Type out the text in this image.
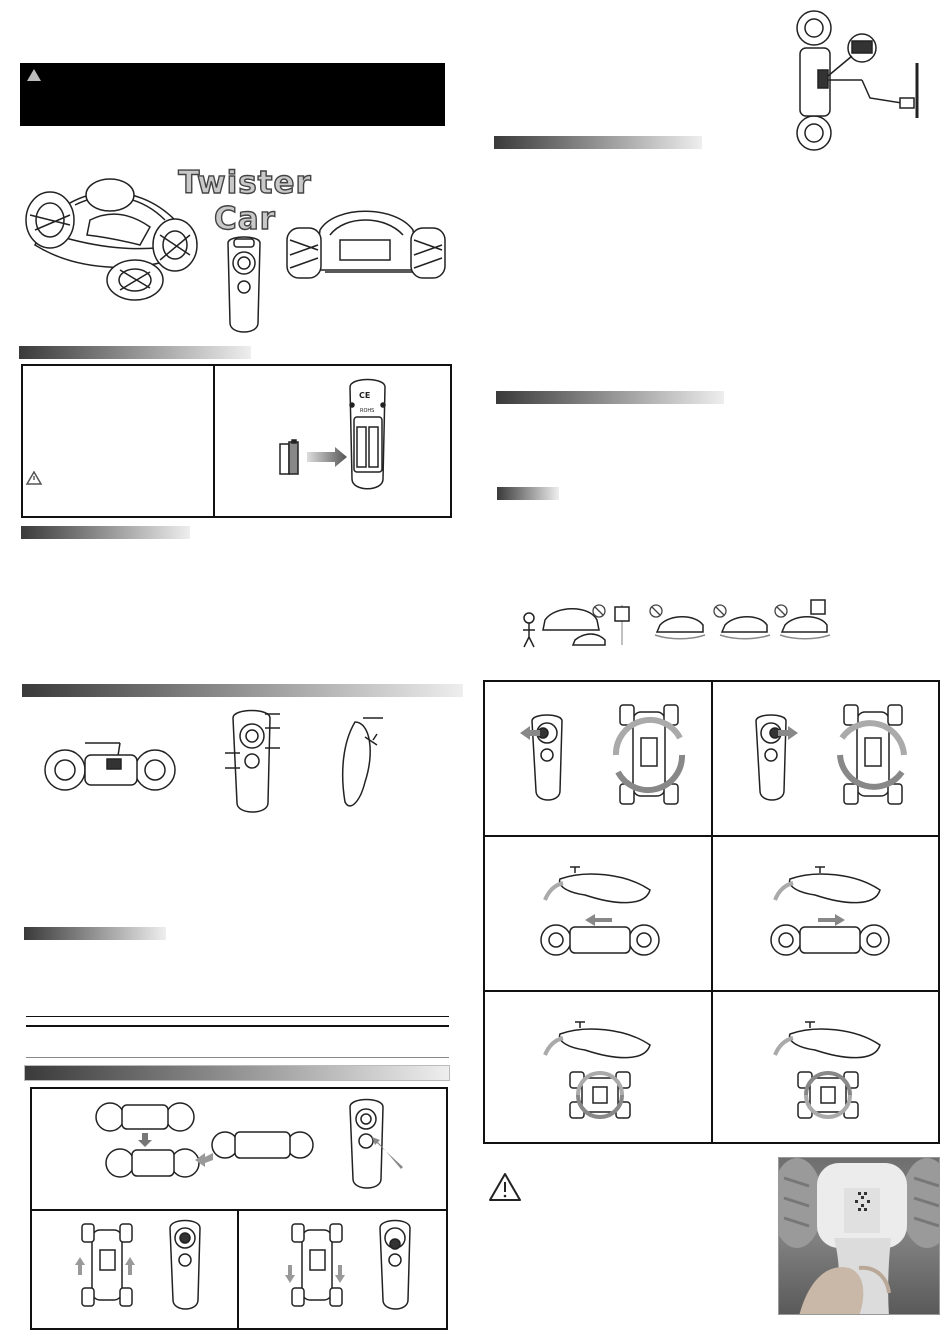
Twister
Car
CE
ROHS
